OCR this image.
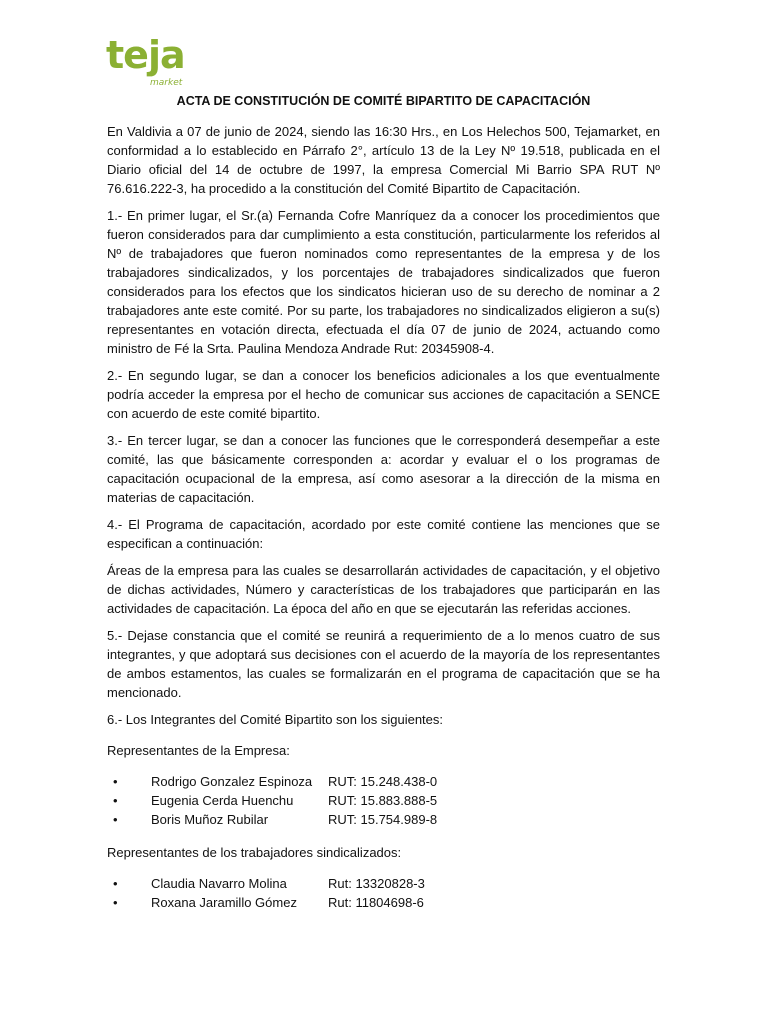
teja
market
ACTA DE CONSTITUCIÓN DE COMITÉ BIPARTITO DE CAPACITACIÓN

En Valdivia a 07 de junio de 2024, siendo las 16:30 Hrs., en Los Helechos 500, Tejamarket, en conformidad a lo establecido en Párrafo 2°, artículo 13 de la Ley Nº 19.518, publicada en el Diario oficial del 14 de octubre de 1997, la empresa Comercial Mi Barrio SPA RUT Nº 76.616.222-3, ha procedido a la constitución del Comité Bipartito de Capacitación.

1.- En primer lugar, el Sr.(a) Fernanda Cofre Manríquez da a conocer los procedimientos que fueron considerados para dar cumplimiento a esta constitución, particularmente los referidos al Nº de trabajadores que fueron nominados como representantes de la empresa y de los trabajadores sindicalizados, y los porcentajes de trabajadores sindicalizados que fueron considerados para los efectos que los sindicatos hicieran uso de su derecho de nominar a 2 trabajadores ante este comité. Por su parte, los trabajadores no sindicalizados eligieron a su(s) representantes en votación directa, efectuada el día 07 de junio de 2024, actuando como ministro de Fé la Srta. Paulina Mendoza Andrade Rut: 20345908-4.

2.- En segundo lugar, se dan a conocer los beneficios adicionales a los que eventualmente podría acceder la empresa por el hecho de comunicar sus acciones de capacitación a SENCE con acuerdo de este comité bipartito.

3.- En tercer lugar, se dan a conocer las funciones que le corresponderá desempeñar a este comité, las que básicamente corresponden a: acordar y evaluar el o los programas de capacitación ocupacional de la empresa, así como asesorar a la dirección de la misma en materias de capacitación.

4.- El Programa de capacitación, acordado por este comité contiene las menciones que se especifican a continuación:

Áreas de la empresa para las cuales se desarrollarán actividades de capacitación, y el objetivo de dichas actividades, Número y características de los trabajadores que participarán en las actividades de capacitación. La época del año en que se ejecutarán las referidas acciones.

5.- Dejase constancia que el comité se reunirá a requerimiento de a lo menos cuatro de sus integrantes, y que adoptará sus decisiones con el acuerdo de la mayoría de los representantes de ambos estamentos, las cuales se formalizarán en el programa de capacitación que se ha mencionado.

6.- Los Integrantes del Comité Bipartito son los siguientes:

Representantes de la Empresa:

•	Rodrigo Gonzalez Espinoza RUT: 15.248.438-0
•	Eugenia Cerda Huenchu	RUT: 15.883.888-5
•	Boris Muñoz Rubilar	RUT: 15.754.989-8

Representantes de los trabajadores sindicalizados:

•	Claudia Navarro Molina	Rut: 13320828-3
•	Roxana Jaramillo Gómez Rut: 11804698-6
